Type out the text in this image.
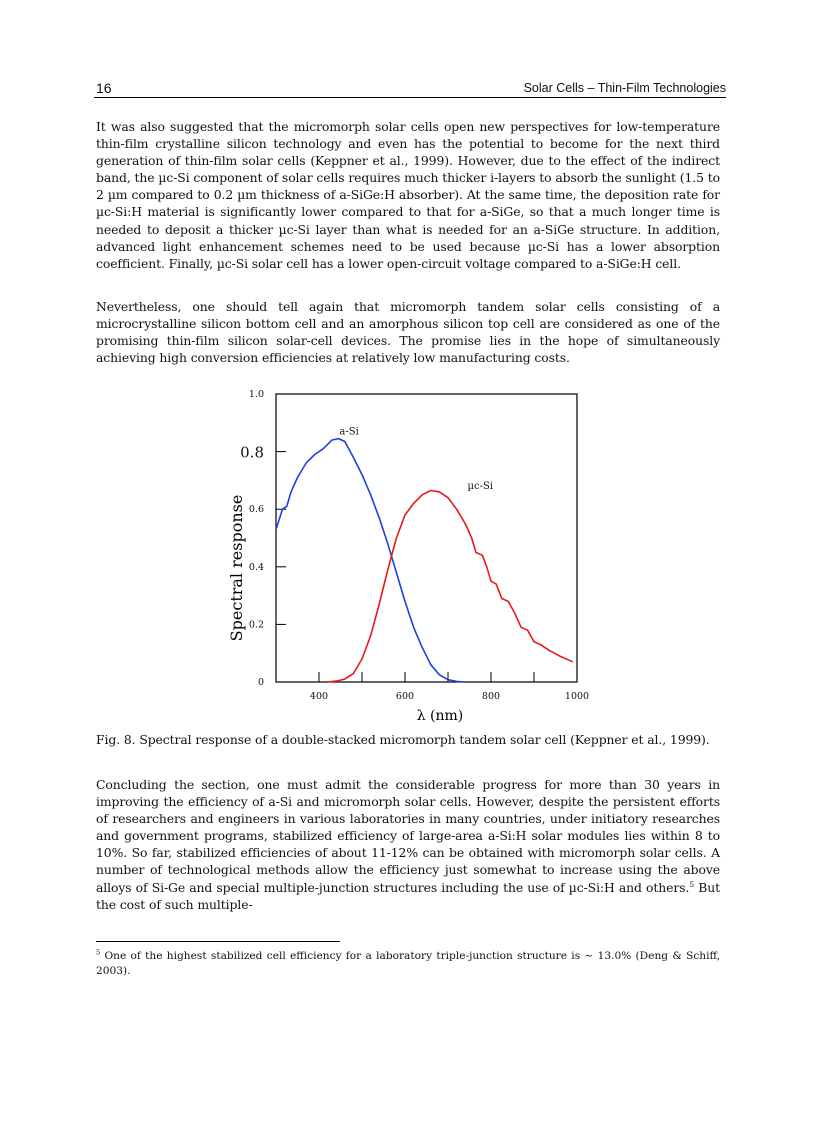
16	Solar Cells – Thin-Film Technologies

It was also suggested that the micromorph solar cells open new perspectives for low-temperature thin-film crystalline silicon technology and even has the potential to become for the next third generation of thin-film solar cells (Keppner et al., 1999). However, due to the effect of the indirect band, the µc-Si component of solar cells requires much thicker i-layers to absorb the sunlight (1.5 to 2 µm compared to 0.2 µm thickness of a-SiGe:H absorber). At the same time, the deposition rate for µc-Si:H material is significantly lower compared to that for a-SiGe, so that a much longer time is needed to deposit a thicker µc-Si layer than what is needed for an a-SiGe structure. In addition, advanced light enhancement schemes need to be used because µc-Si has a lower absorption coefficient. Finally, µc-Si solar cell has a lower open-circuit voltage compared to a-SiGe:H cell.

Nevertheless, one should tell again that micromorph tandem solar cells consisting of a microcrystalline silicon bottom cell and an amorphous silicon top cell are considered as one of the promising thin-film silicon solar-cell devices. The promise lies in the hope of simultaneously achieving high conversion efficiencies at relatively low manufacturing costs.

0
0.2
0.4
0.6
0.8
1.0
400	600	800	1000
a-Si
µc-Si
Spectral response
λ (nm)
Fig. 8. Spectral response of a double-stacked micromorph tandem solar cell (Keppner et al., 1999).

Concluding the section, one must admit the considerable progress for more than 30 years in improving the efficiency of a-Si and micromorph solar cells. However, despite the persistent efforts of researchers and engineers in various laboratories in many countries, under initiatory researches and government programs, stabilized efficiency of large-area a-Si:H solar modules lies within 8 to 10%. So far, stabilized efficiencies of about 11-12% can be obtained with micromorph solar cells. A number of technological methods allow the efficiency just somewhat to increase using the above alloys of Si-Ge and special multiple-junction structures including the use of µc-Si:H and others.$^5$ But the cost of such multiple-

$^5$ One of the highest stabilized cell efficiency for a laboratory triple-junction structure is ~ 13.0% (Deng & Schiff, 2003).
